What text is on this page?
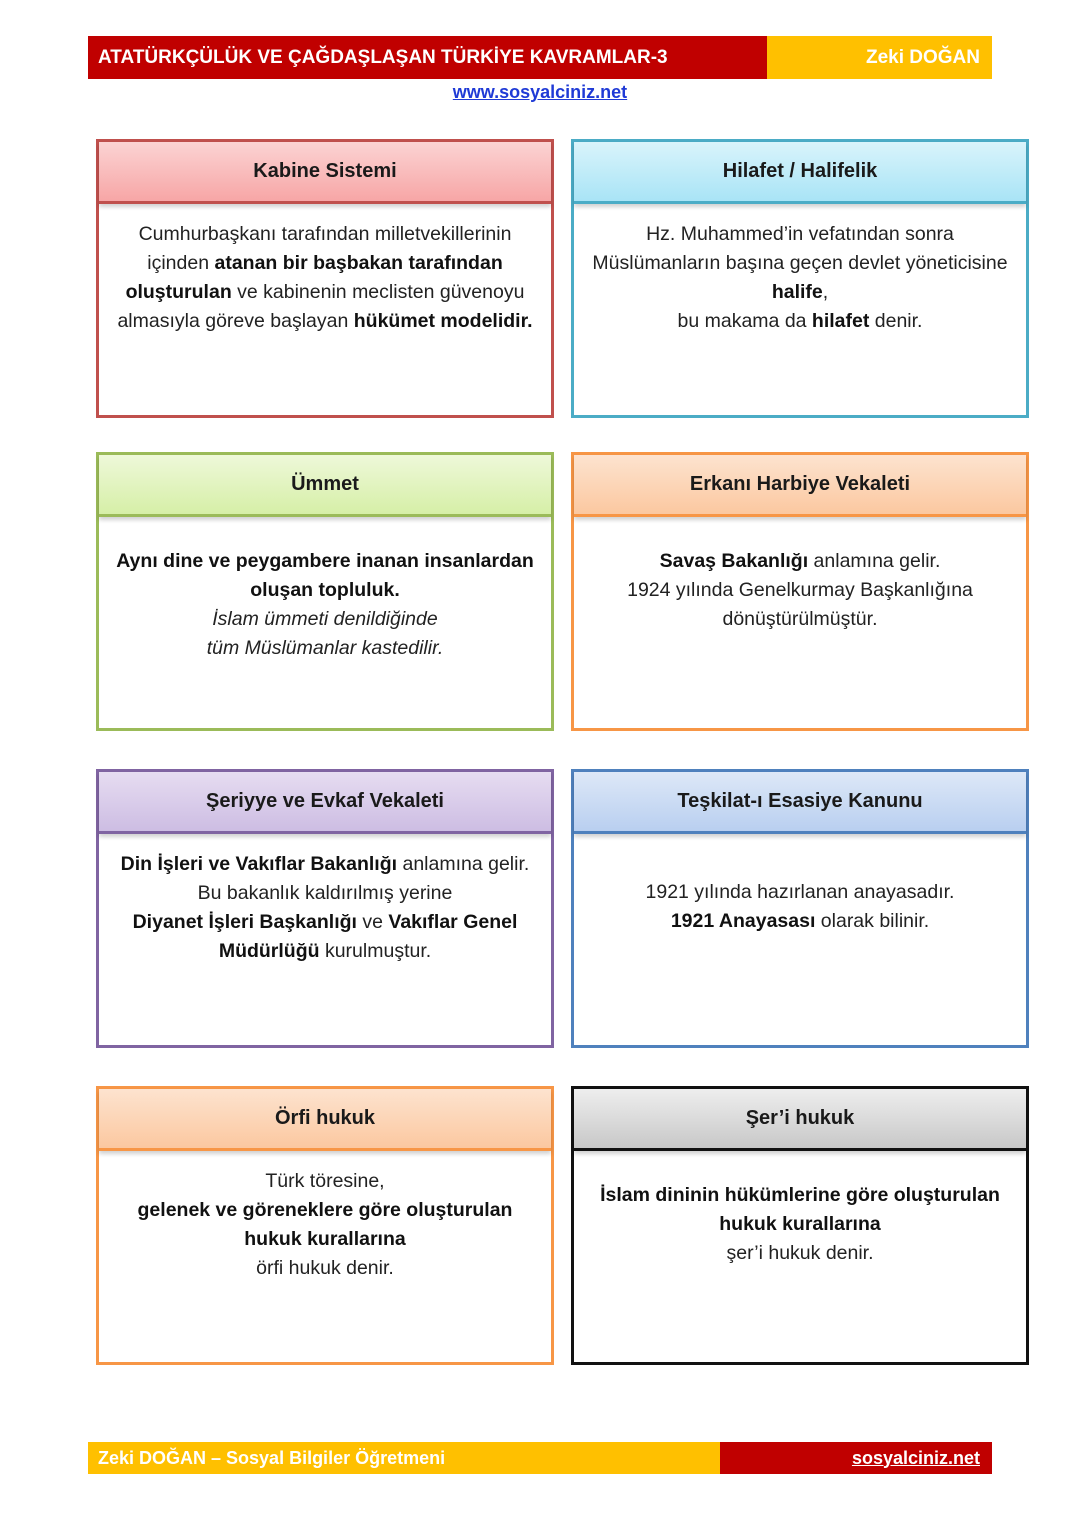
ATATÜRKÇÜLÜK VE ÇAĞDAŞLAŞAN TÜRKİYE KAVRAMLAR-3	Zeki DOĞAN
www.sosyalciniz.net
Kabine Sistemi

Cumhurbaşkanı tarafından milletvekillerinin içinden atanan bir başbakan tarafından oluşturulan ve kabinenin meclisten güvenoyu almasıyla göreve başlayan hükümet modelidir.

Hilafet / Halifelik

Hz. Muhammed’in vefatından sonra Müslümanların başına geçen devlet yöneticisine halife,

bu makama da hilafet denir.

Ümmet

Aynı dine ve peygambere inanan insanlardan oluşan topluluk.

İslam ümmeti denildiğinde

tüm Müslümanlar kastedilir.

Erkanı Harbiye Vekaleti

Savaş Bakanlığı anlamına gelir.

1924 yılında Genelkurmay Başkanlığına dönüştürülmüştür.

Şeriyye ve Evkaf Vekaleti

Din İşleri ve Vakıflar Bakanlığı anlamına gelir.

Bu bakanlık kaldırılmış yerine

Diyanet İşleri Başkanlığı ve Vakıflar Genel Müdürlüğü kurulmuştur.

Teşkilat-ı Esasiye Kanunu

1921 yılında hazırlanan anayasadır.

1921 Anayasası olarak bilinir.

Örfi hukuk

Türk töresine,

gelenek ve göreneklere göre oluşturulan hukuk kurallarına

örfi hukuk denir.

Şer’i hukuk

İslam dininin hükümlerine göre oluşturulan hukuk kurallarına

şer’i hukuk denir.

Zeki DOĞAN – Sosyal Bilgiler Öğretmeni	sosyalciniz.net
